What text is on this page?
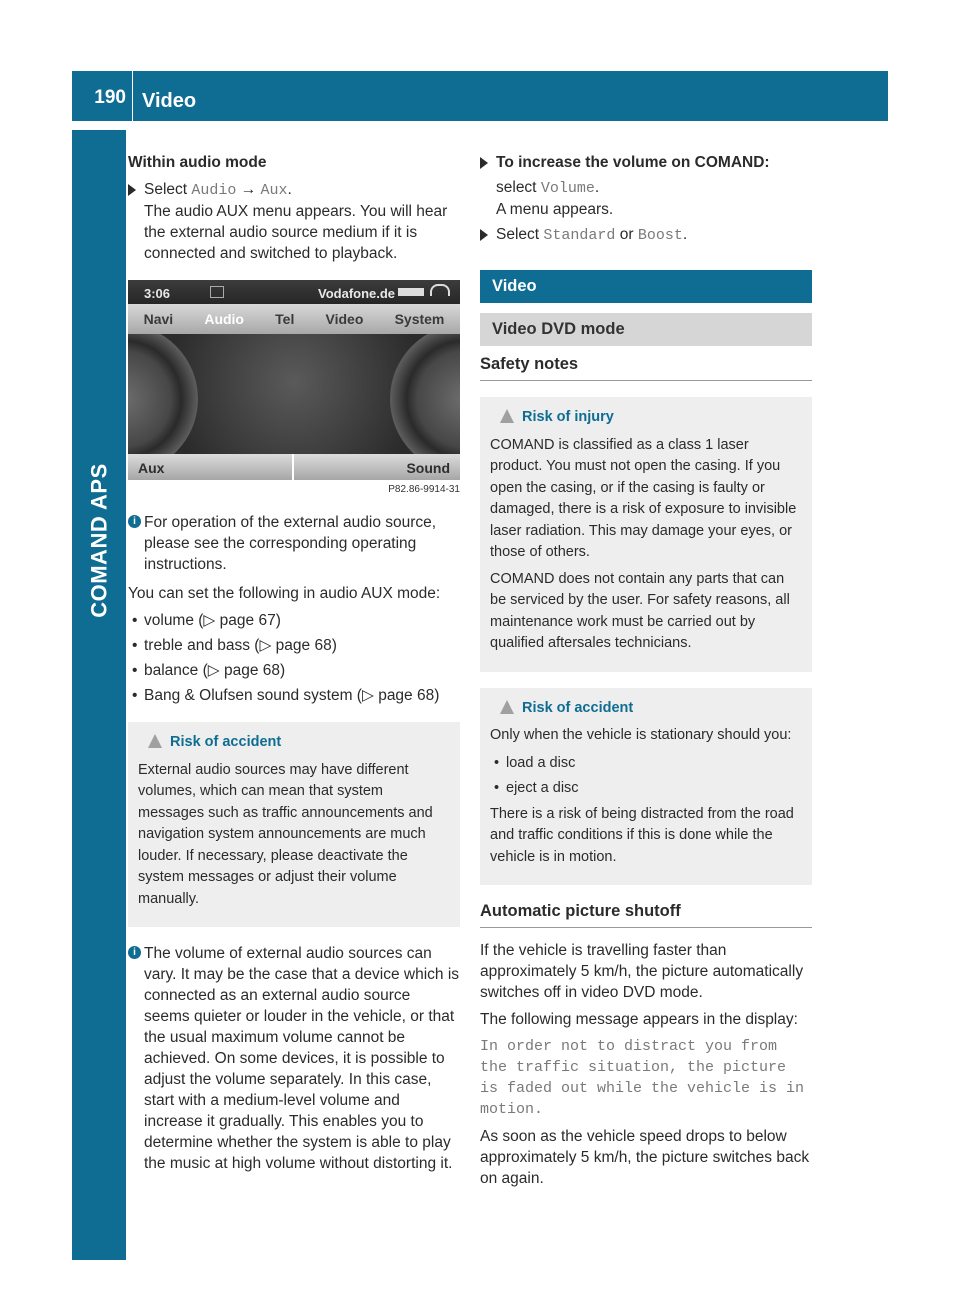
190 Video
COMAND APS
Within audio mode
Select Audio → Aux.
The audio AUX menu appears. You will hear the external audio source medium if it is connected and switched to playback.
3:06	Vodafone.de
Navi Audio Tel Video System
Aux	Sound
P82.86-9914-31
i For operation of the external audio source, please see the corresponding operating instructions.

You can set the following in audio AUX mode:

• volume (▷ page 67)
• treble and bass (▷ page 68)
• balance (▷ page 68)
• Bang & Olufsen sound system (▷ page 68)
Risk of accident

External audio sources may have different volumes, which can mean that system messages such as traffic announcements and navigation system announcements are much louder. If necessary, please deactivate the system messages or adjust their volume manually.

i The volume of external audio sources can vary. It may be the case that a device which is connected as an external audio source seems quieter or louder in the vehicle, or that the usual maximum volume cannot be achieved. On some devices, it is possible to adjust the volume separately. In this case, start with a medium-level volume and increase it gradually. This enables you to determine whether the system is able to play the music at high volume without distorting it.
To increase the volume on COMAND:
select Volume.
A menu appears.
Select Standard or Boost.
Video
Video DVD mode
Safety notes
Risk of injury

COMAND is classified as a class 1 laser product. You must not open the casing. If you open the casing, or if the casing is faulty or damaged, there is a risk of exposure to invisible laser radiation. This may damage your eyes, or those of others.

COMAND does not contain any parts that can be serviced by the user. For safety reasons, all maintenance work must be carried out by qualified aftersales technicians.

Risk of accident

Only when the vehicle is stationary should you:

• load a disc
• eject a disc

There is a risk of being distracted from the road and traffic conditions if this is done while the vehicle is in motion.

Automatic picture shutoff

If the vehicle is travelling faster than approximately 5 km/h, the picture automatically switches off in video DVD mode.

The following message appears in the display:

In order not to distract you from the traffic situation, the picture is faded out while the vehicle is in motion.

As soon as the vehicle speed drops to below approximately 5 km/h, the picture switches back on again.
